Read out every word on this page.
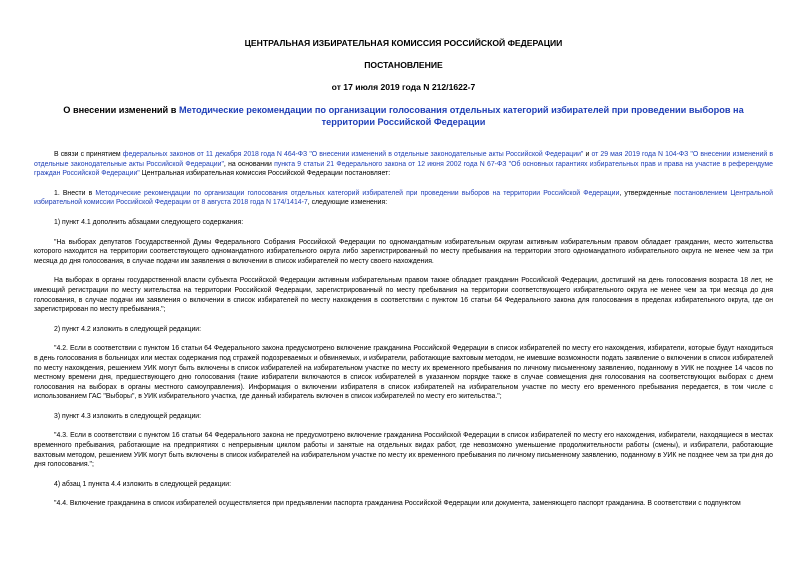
ЦЕНТРАЛЬНАЯ ИЗБИРАТЕЛЬНАЯ КОМИССИЯ РОССИЙСКОЙ ФЕДЕРАЦИИ
ПОСТАНОВЛЕНИЕ
от 17 июля 2019 года N 212/1622-7
О внесении изменений в Методические рекомендации по организации голосования отдельных категорий избирателей при проведении выборов на территории Российской Федерации

В связи с принятием федеральных законов от 11 декабря 2018 года N 464-ФЗ "О внесении изменений в отдельные законодательные акты Российской Федерации" и от 29 мая 2019 года N 104-ФЗ "О внесении изменений в отдельные законодательные акты Российской Федерации", на основании пункта 9 статьи 21 Федерального закона от 12 июня 2002 года N 67-ФЗ "Об основных гарантиях избирательных прав и права на участие в референдуме граждан Российской Федерации" Центральная избирательная комиссия Российской Федерации постановляет:

1. Внести в Методические рекомендации по организации голосования отдельных категорий избирателей при проведении выборов на территории Российской Федерации, утвержденные постановлением Центральной избирательной комиссии Российской Федерации от 8 августа 2018 года N 174/1414-7, следующие изменения:

1) пункт 4.1 дополнить абзацами следующего содержания:

"На выборах депутатов Государственной Думы Федерального Собрания Российской Федерации по одномандатным избирательным округам активным избирательным правом обладает гражданин, место жительства которого находится на территории соответствующего одномандатного избирательного округа либо зарегистрированный по месту пребывания на территории этого одномандатного избирательного округа не менее чем за три месяца до дня голосования, в случае подачи им заявления о включении в список избирателей по месту своего нахождения.

На выборах в органы государственной власти субъекта Российской Федерации активным избирательным правом также обладает гражданин Российской Федерации, достигший на день голосования возраста 18 лет, не имеющий регистрации по месту жительства на территории Российской Федерации, зарегистрированный по месту пребывания на территории соответствующего избирательного округа не менее чем за три месяца до дня голосования, в случае подачи им заявления о включении в список избирателей по месту нахождения в соответствии с пунктом 16 статьи 64 Федерального закона для голосования в пределах избирательного округа, где он зарегистрирован по месту пребывания.";

2) пункт 4.2 изложить в следующей редакции:

"4.2. Если в соответствии с пунктом 16 статьи 64 Федерального закона предусмотрено включение гражданина Российской Федерации в список избирателей по месту его нахождения, избиратели, которые будут находиться в день голосования в больницах или местах содержания под стражей подозреваемых и обвиняемых, и избиратели, работающие вахтовым методом, не имевшие возможности подать заявление о включении в список избирателей по месту нахождения, решением УИК могут быть включены в список избирателей на избирательном участке по месту их временного пребывания по личному письменному заявлению, поданному в УИК не позднее 14 часов по местному времени дня, предшествующего дню голосования (такие избиратели включаются в список избирателей в указанном порядке также в случае совмещения дня голосования на соответствующих выборах с днем голосования на выборах в органы местного самоуправления). Информация о включении избирателя в список избирателей на избирательном участке по месту его временного пребывания передается, в том числе с использованием ГАС "Выборы", в УИК избирательного участка, где данный избиратель включен в список избирателей по месту его жительства.";

3) пункт 4.3 изложить в следующей редакции:

"4.3. Если в соответствии с пунктом 16 статьи 64 Федерального закона не предусмотрено включение гражданина Российской Федерации в список избирателей по месту его нахождения, избиратели, находящиеся в местах временного пребывания, работающие на предприятиях с непрерывным циклом работы и занятые на отдельных видах работ, где невозможно уменьшение продолжительности работы (смены), и избиратели, работающие вахтовым методом, решением УИК могут быть включены в список избирателей на избирательном участке по месту их временного пребывания по личному письменному заявлению, поданному в УИК не позднее чем за три дня до дня голосования.";

4) абзац 1 пункта 4.4 изложить в следующей редакции:

"4.4. Включение гражданина в список избирателей осуществляется при предъявлении паспорта гражданина Российской Федерации или документа, заменяющего паспорт гражданина. В соответствии с подпунктом
